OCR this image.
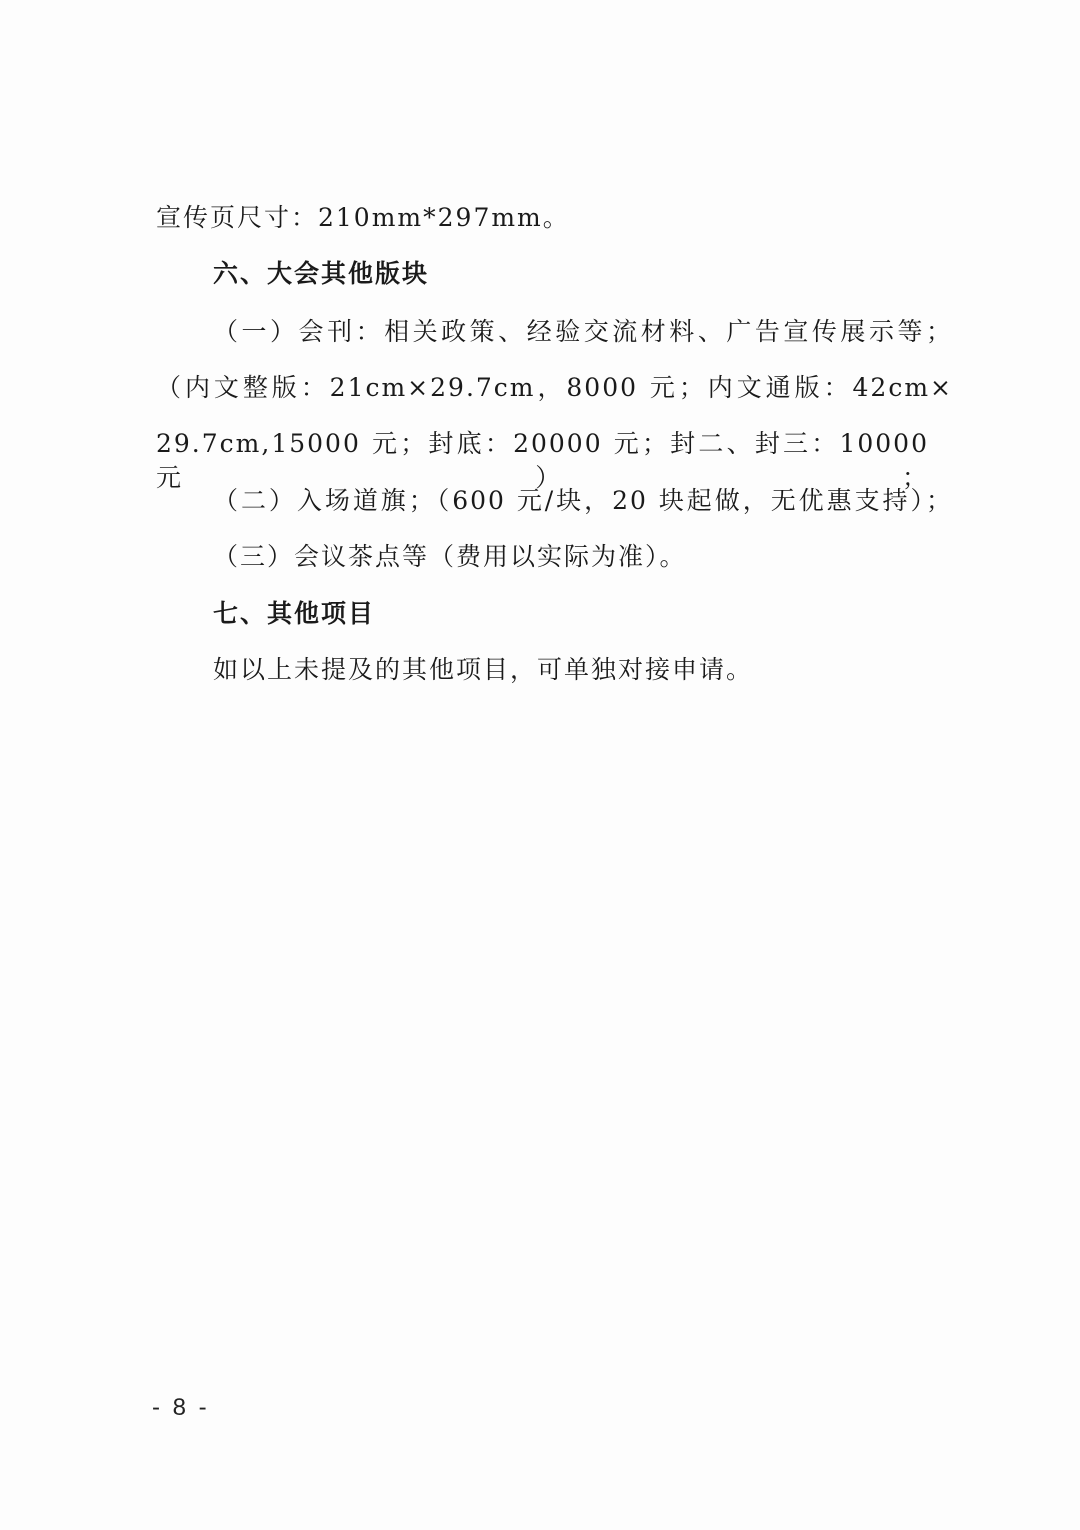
宣传页尺寸：210mm*297mm。
六、大会其他版块
（一）会刊：相关政策、经验交流材料、广告宣传展示等；
（内文整版：21cm×29.7cm，8000 元；内文通版：42cm×
29.7cm,15000 元；封底：20000 元；封二、封三：10000 元）；
（二）入场道旗；（600 元/块，20 块起做，无优惠支持）；
（三）会议茶点等（费用以实际为准）。
七、其他项目
如以上未提及的其他项目，可单独对接申请。
- 8 -
